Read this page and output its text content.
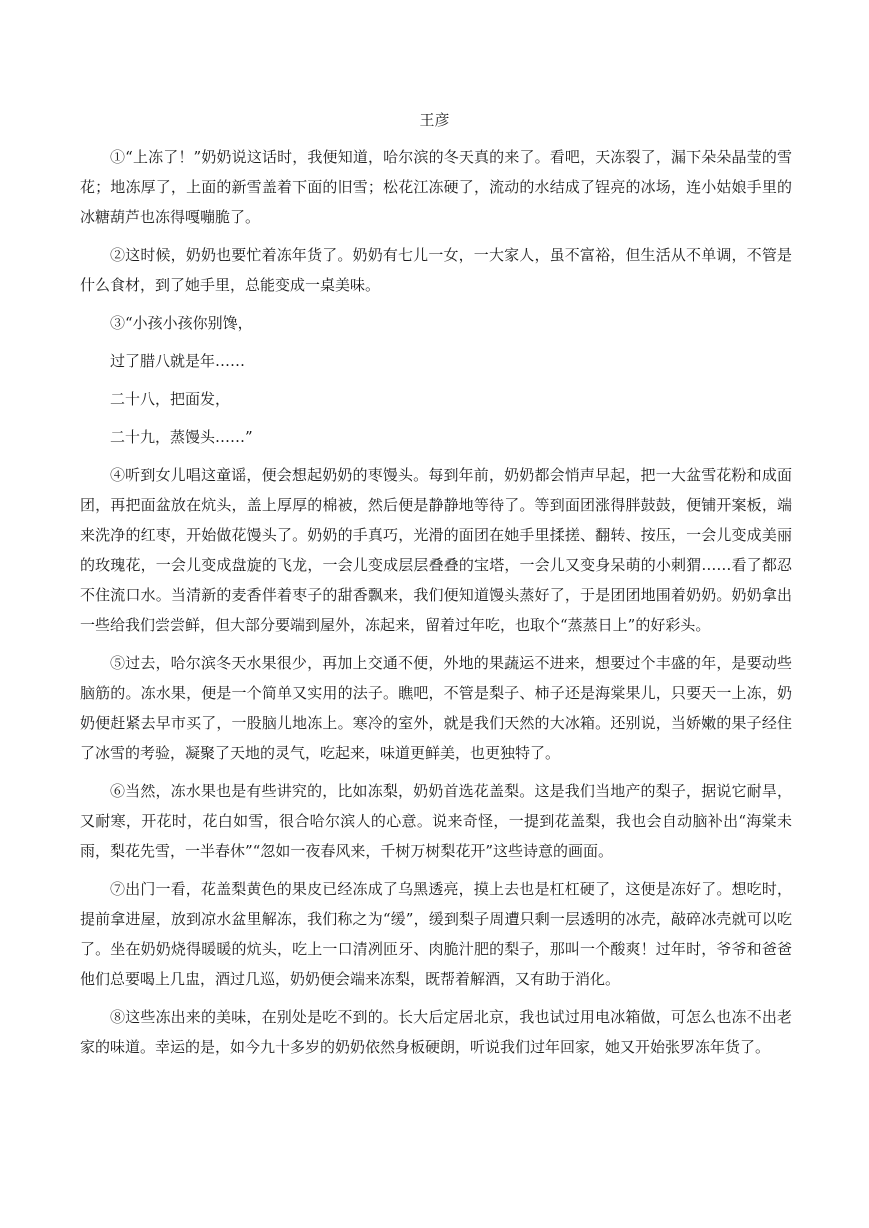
王彦

①“上冻了！”奶奶说这话时，我便知道，哈尔滨的冬天真的来了。看吧，天冻裂了，漏下朵朵晶莹的雪花；地冻厚了，上面的新雪盖着下面的旧雪；松花江冻硬了，流动的水结成了锃亮的冰场，连小姑娘手里的冰糖葫芦也冻得嘎嘣脆了。

②这时候，奶奶也要忙着冻年货了。奶奶有七儿一女，一大家人，虽不富裕，但生活从不单调，不管是什么食材，到了她手里，总能变成一桌美味。

③“小孩小孩你别馋，

过了腊八就是年……

二十八，把面发，

二十九，蒸馒头……”

④听到女儿唱这童谣，便会想起奶奶的枣馒头。每到年前，奶奶都会悄声早起，把一大盆雪花粉和成面团，再把面盆放在炕头，盖上厚厚的棉被，然后便是静静地等待了。等到面团涨得胖鼓鼓，便铺开案板，端来洗净的红枣，开始做花馒头了。奶奶的手真巧，光滑的面团在她手里揉搓、翻转、按压，一会儿变成美丽的玫瑰花，一会儿变成盘旋的飞龙，一会儿变成层层叠叠的宝塔，一会儿又变身呆萌的小刺猬……看了都忍不住流口水。当清新的麦香伴着枣子的甜香飘来，我们便知道馒头蒸好了，于是团团地围着奶奶。奶奶拿出一些给我们尝尝鲜，但大部分要端到屋外，冻起来，留着过年吃，也取个“蒸蒸日上”的好彩头。

⑤过去，哈尔滨冬天水果很少，再加上交通不便，外地的果蔬运不进来，想要过个丰盛的年，是要动些脑筋的。冻水果，便是一个简单又实用的法子。瞧吧，不管是梨子、柿子还是海棠果儿，只要天一上冻，奶奶便赶紧去早市买了，一股脑儿地冻上。寒冷的室外，就是我们天然的大冰箱。还别说，当娇嫩的果子经住了冰雪的考验，凝聚了天地的灵气，吃起来，味道更鲜美，也更独特了。

⑥当然，冻水果也是有些讲究的，比如冻梨，奶奶首选花盖梨。这是我们当地产的梨子，据说它耐旱，又耐寒，开花时，花白如雪，很合哈尔滨人的心意。说来奇怪，一提到花盖梨，我也会自动脑补出“海棠未雨，梨花先雪，一半春休”“忽如一夜春风来，千树万树梨花开”这些诗意的画面。

⑦出门一看，花盖梨黄色的果皮已经冻成了乌黑透亮，摸上去也是杠杠硬了，这便是冻好了。想吃时，提前拿进屋，放到凉水盆里解冻，我们称之为“缓”，缓到梨子周遭只剩一层透明的冰壳，敲碎冰壳就可以吃了。坐在奶奶烧得暖暖的炕头，吃上一口清冽匝牙、肉脆汁肥的梨子，那叫一个酸爽！过年时，爷爷和爸爸他们总要喝上几盅，酒过几巡，奶奶便会端来冻梨，既帮着解酒，又有助于消化。

⑧这些冻出来的美味，在别处是吃不到的。长大后定居北京，我也试过用电冰箱做，可怎么也冻不出老家的味道。幸运的是，如今九十多岁的奶奶依然身板硬朗，听说我们过年回家，她又开始张罗冻年货了。
